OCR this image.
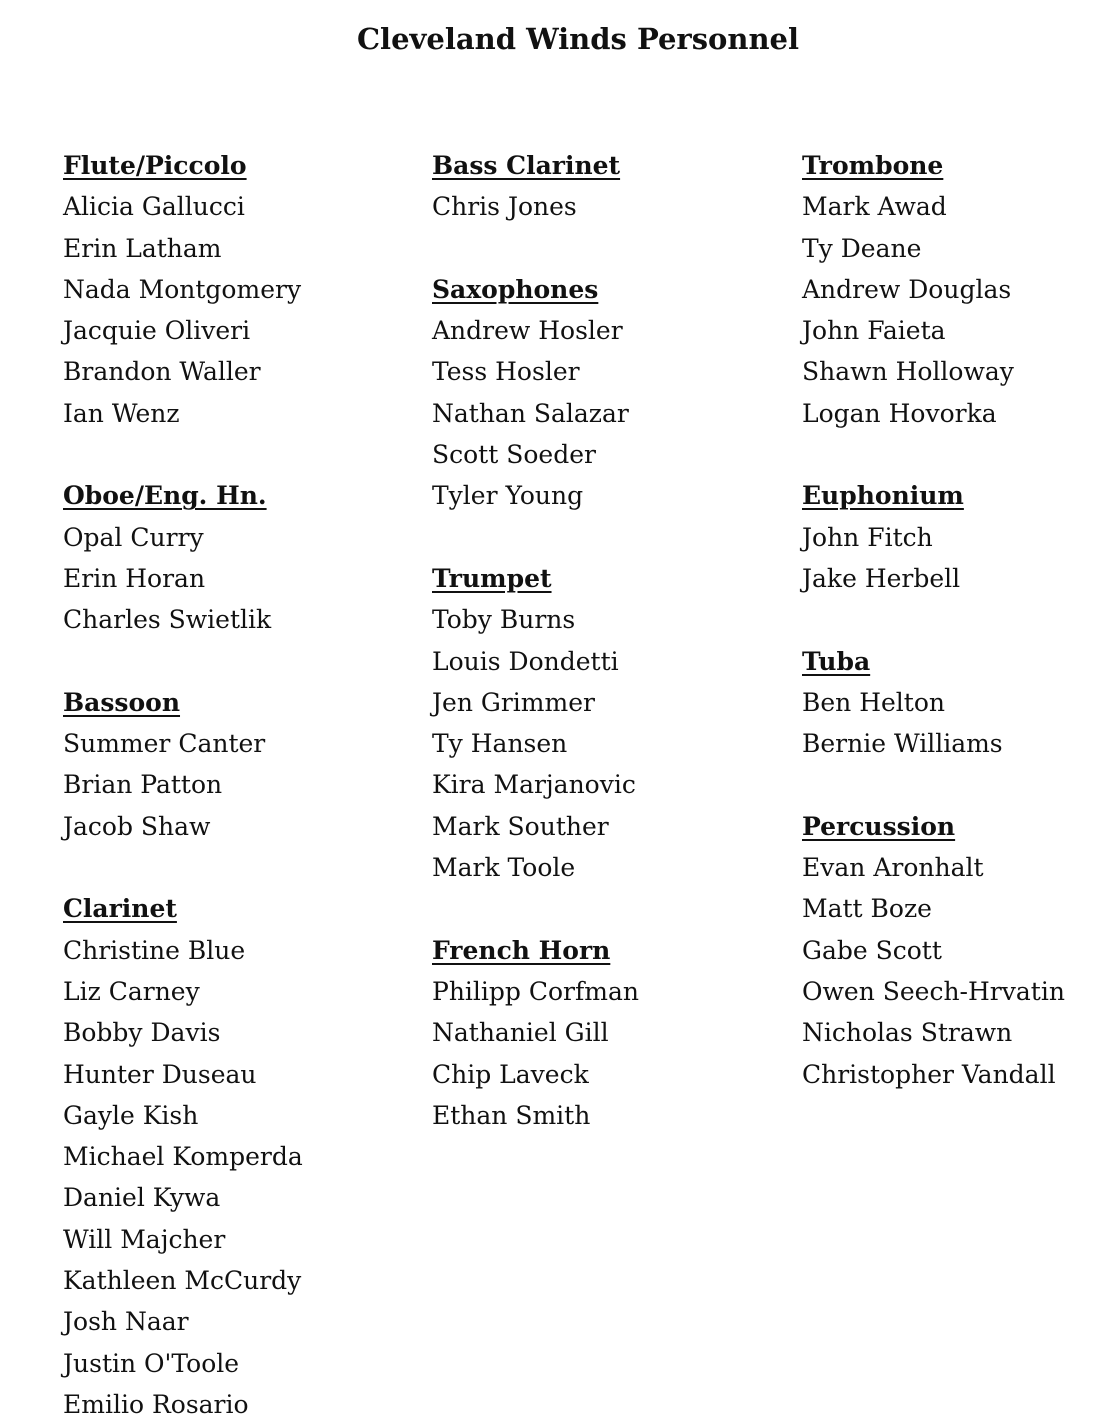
Cleveland Winds Personnel
Flute/Piccolo
Alicia Gallucci
Erin Latham
Nada Montgomery
Jacquie Oliveri
Brandon Waller
Ian Wenz
Oboe/Eng. Hn.
Opal Curry
Erin Horan
Charles Swietlik
Bassoon
Summer Canter
Brian Patton
Jacob Shaw
Clarinet
Christine Blue
Liz Carney
Bobby Davis
Hunter Duseau
Gayle Kish
Michael Komperda
Daniel Kywa
Will Majcher
Kathleen McCurdy
Josh Naar
Justin O'Toole
Emilio Rosario
Bass Clarinet
Chris Jones
Saxophones
Andrew Hosler
Tess Hosler
Nathan Salazar
Scott Soeder
Tyler Young
Trumpet
Toby Burns
Louis Dondetti
Jen Grimmer
Ty Hansen
Kira Marjanovic
Mark Souther
Mark Toole
French Horn
Philipp Corfman
Nathaniel Gill
Chip Laveck
Ethan Smith
Trombone
Mark Awad
Ty Deane
Andrew Douglas
John Faieta
Shawn Holloway
Logan Hovorka
Euphonium
John Fitch
Jake Herbell
Tuba
Ben Helton
Bernie Williams
Percussion
Evan Aronhalt
Matt Boze
Gabe Scott
Owen Seech-Hrvatin
Nicholas Strawn
Christopher Vandall
